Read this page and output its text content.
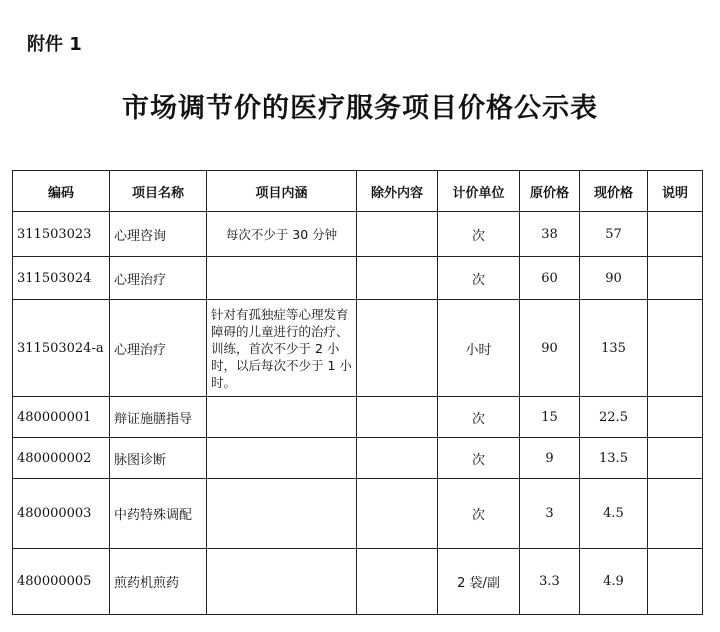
附件 1
市场调节价的医疗服务项目价格公示表
编码	项目名称	项目内涵	除外内容	计价单位	原价格	现价格	说明
311503023	心理咨询	每次不少于 30 分钟		次	38	57	
311503024	心理治疗			次	60	90	
311503024-a	心理治疗	针对有孤独症等心理发育障碍的儿童进行的治疗、训练，首次不少于 2 小时，以后每次不少于 1 小时。		小时	90	135	
480000001	辩证施膳指导			次	15	22.5	
480000002	脉图诊断			次	9	13.5	
480000003	中药特殊调配			次	3	4.5	
480000005	煎药机煎药			2 袋/副	3.3	4.9	
